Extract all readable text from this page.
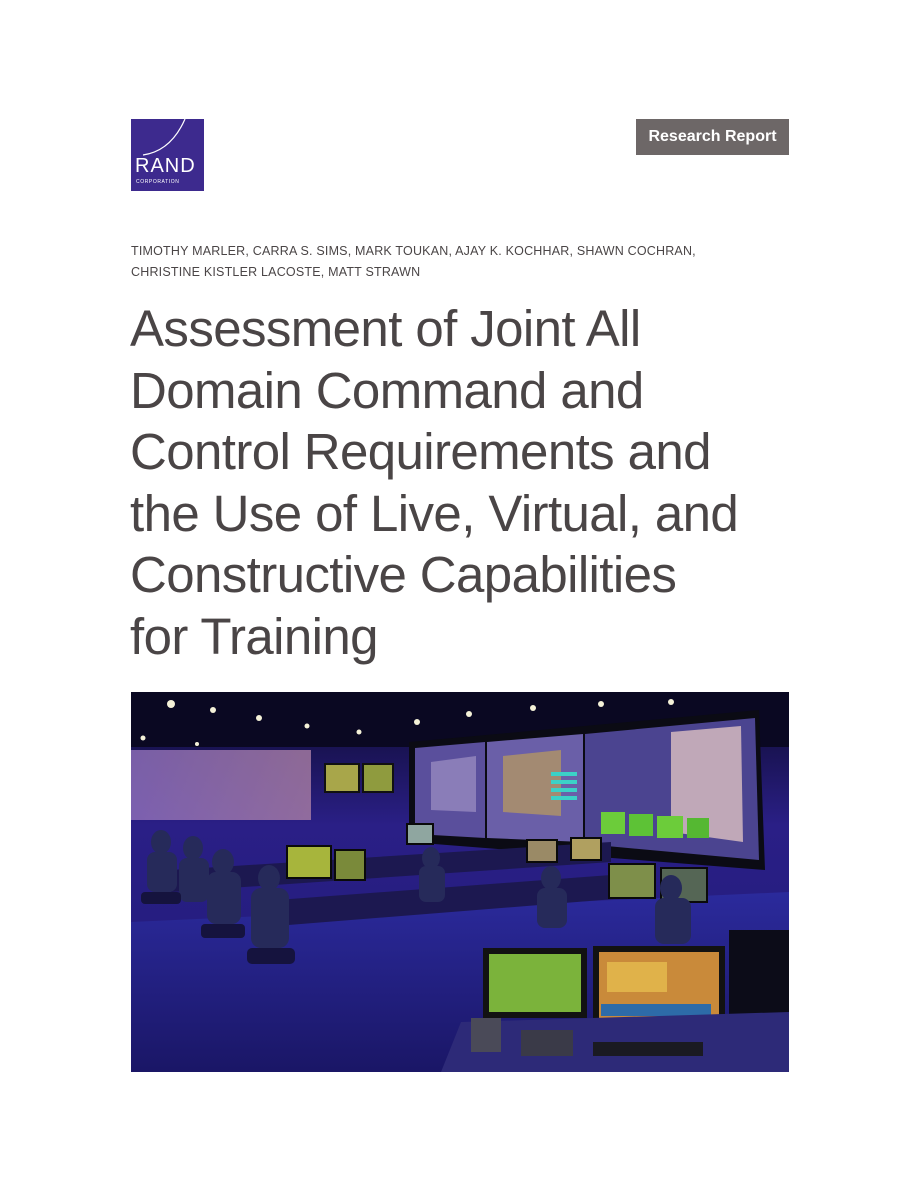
RAND
CORPORATION
Research Report
TIMOTHY MARLER, CARRA S. SIMS, MARK TOUKAN, AJAY K. KOCHHAR, SHAWN COCHRAN,
CHRISTINE KISTLER LACOSTE, MATT STRAWN
Assessment of Joint All
Domain Command and
Control Requirements and
the Use of Live, Virtual, and
Constructive Capabilities
for Training
